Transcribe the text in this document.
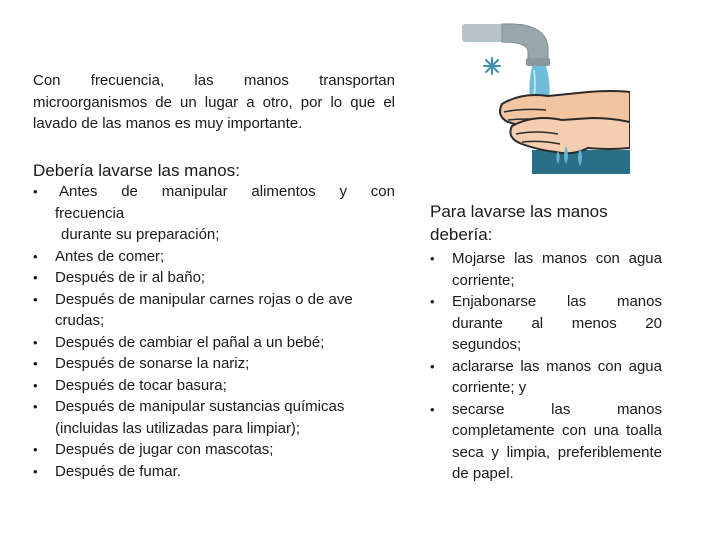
Con frecuencia, las manos transportan microorganismos de un lugar a otro, por lo que el lavado de las manos es muy importante.

Debería lavarse las manos:
• Antes de manipular alimentos y con
frecuencia
durante su preparación;
• Antes de comer;
• Después de ir al baño;
• Después de manipular carnes rojas o de ave crudas;
• Después de cambiar el pañal a un bebé;
• Después de sonarse la nariz;
• Después de tocar basura;
• Después de manipular sustancias químicas (incluidas las utilizadas para limpiar);
• Después de jugar con mascotas;
• Después de fumar.
Para lavarse las manos debería:
• Mojarse las manos con agua corriente;
• Enjabonarse las manos durante al menos 20 segundos;
• aclararse las manos con agua corriente; y
• secarse las manos completamente con una toalla seca y limpia, preferiblemente de papel.
